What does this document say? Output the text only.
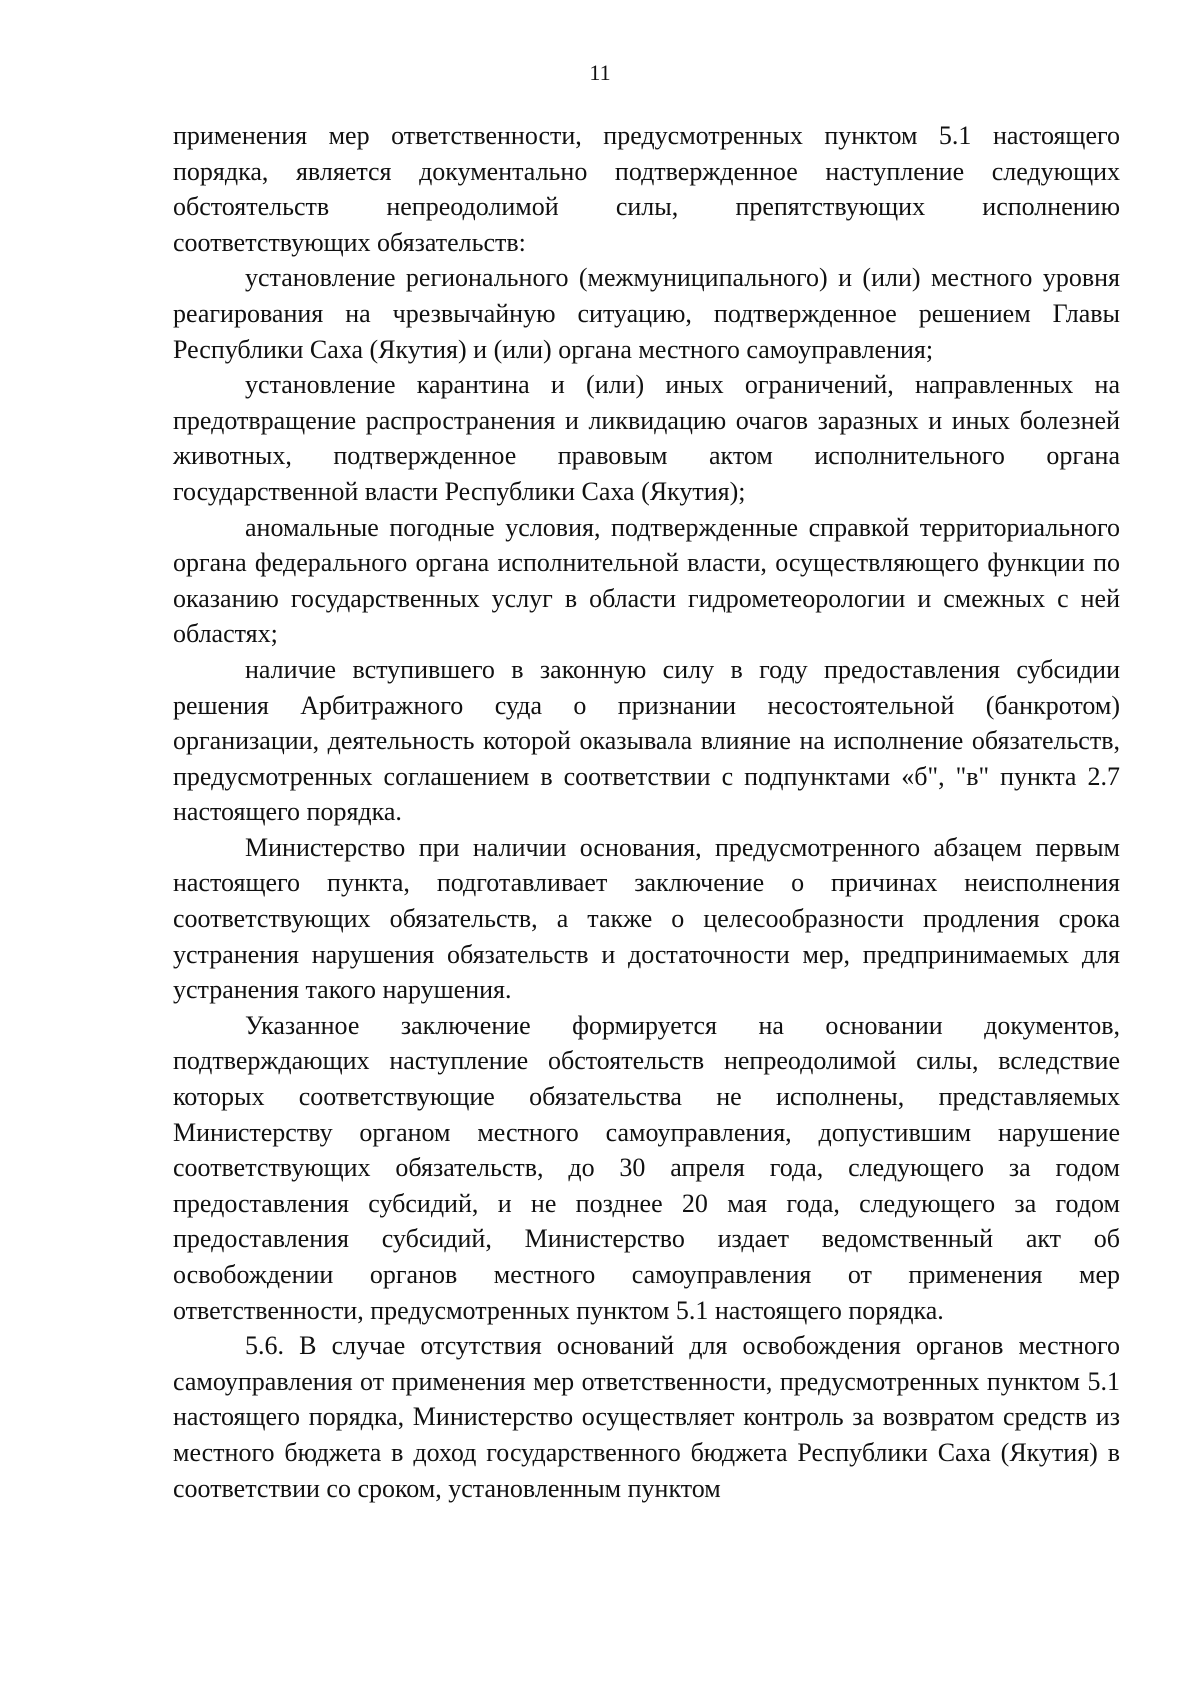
11

применения мер ответственности, предусмотренных пунктом 5.1 настоящего порядка, является документально подтвержденное наступление следующих обстоятельств непреодолимой силы, препятствующих исполнению соответствующих обязательств:

установление регионального (межмуниципального) и (или) местного уровня реагирования на чрезвычайную ситуацию, подтвержденное решением Главы Республики Саха (Якутия) и (или) органа местного самоуправления;

установление карантина и (или) иных ограничений, направленных на предотвращение распространения и ликвидацию очагов заразных и иных болезней животных, подтвержденное правовым актом исполнительного органа государственной власти Республики Саха (Якутия);

аномальные погодные условия, подтвержденные справкой территориального органа федерального органа исполнительной власти, осуществляющего функции по оказанию государственных услуг в области гидрометеорологии и смежных с ней областях;

наличие вступившего в законную силу в году предоставления субсидии решения Арбитражного суда о признании несостоятельной (банкротом) организации, деятельность которой оказывала влияние на исполнение обязательств, предусмотренных соглашением в соответствии с подпунктами «б", "в" пункта 2.7 настоящего порядка.

Министерство при наличии основания, предусмотренного абзацем первым настоящего пункта, подготавливает заключение о причинах неисполнения соответствующих обязательств, а также о целесообразности продления срока устранения нарушения обязательств и достаточности мер, предпринимаемых для устранения такого нарушения.

Указанное заключение формируется на основании документов, подтверждающих наступление обстоятельств непреодолимой силы, вследствие которых соответствующие обязательства не исполнены, представляемых Министерству органом местного самоуправления, допустившим нарушение соответствующих обязательств, до 30 апреля года, следующего за годом предоставления субсидий, и не позднее 20 мая года, следующего за годом предоставления субсидий, Министерство издает ведомственный акт об освобождении органов местного самоуправления от применения мер ответственности, предусмотренных пунктом 5.1 настоящего порядка.

5.6. В случае отсутствия оснований для освобождения органов местного самоуправления от применения мер ответственности, предусмотренных пунктом 5.1 настоящего порядка, Министерство осуществляет контроль за возвратом средств из местного бюджета в доход государственного бюджета Республики Саха (Якутия) в соответствии со сроком, установленным пунктом
